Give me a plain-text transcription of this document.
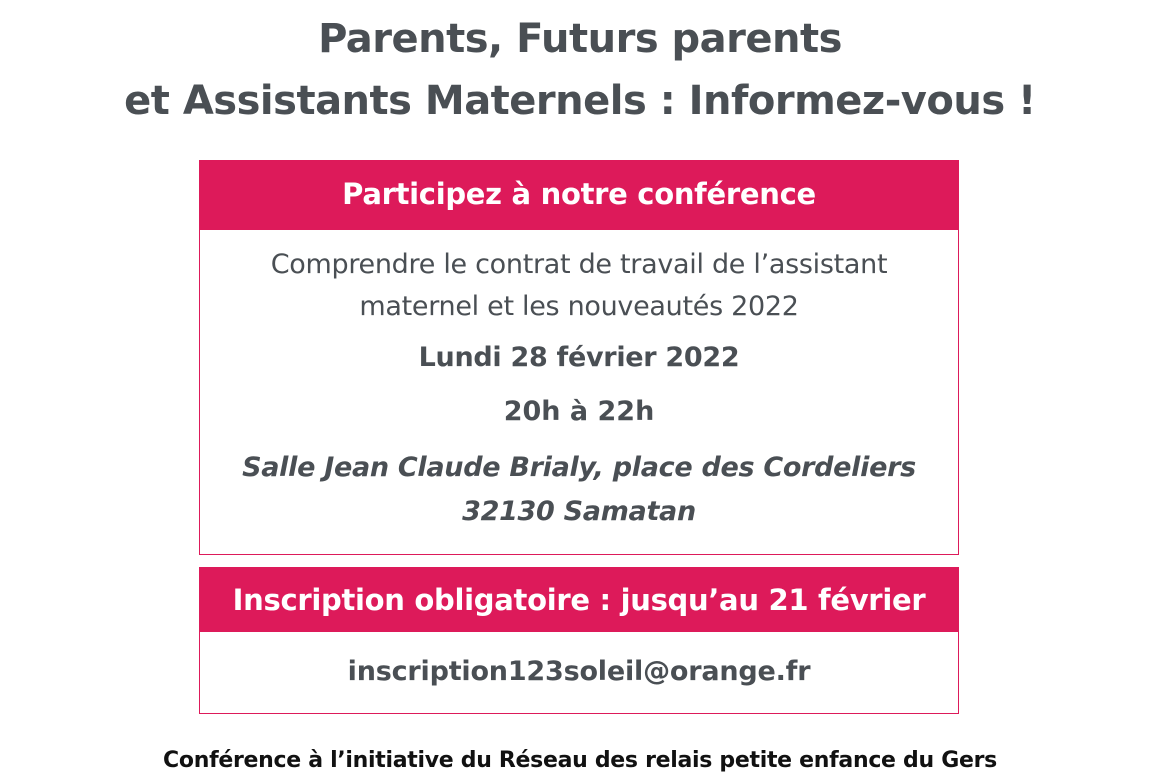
Parents, Futurs parents
et Assistants Maternels : Informez-vous !
Participez à notre conférence
Comprendre le contrat de travail de l’assistant
maternel et les nouveautés 2022
Lundi 28 février 2022
20h à 22h
Salle Jean Claude Brialy, place des Cordeliers
32130 Samatan
Inscription obligatoire : jusqu’au 21 février
inscription123soleil@orange.fr
Conférence à l’initiative du Réseau des relais petite enfance du Gers
